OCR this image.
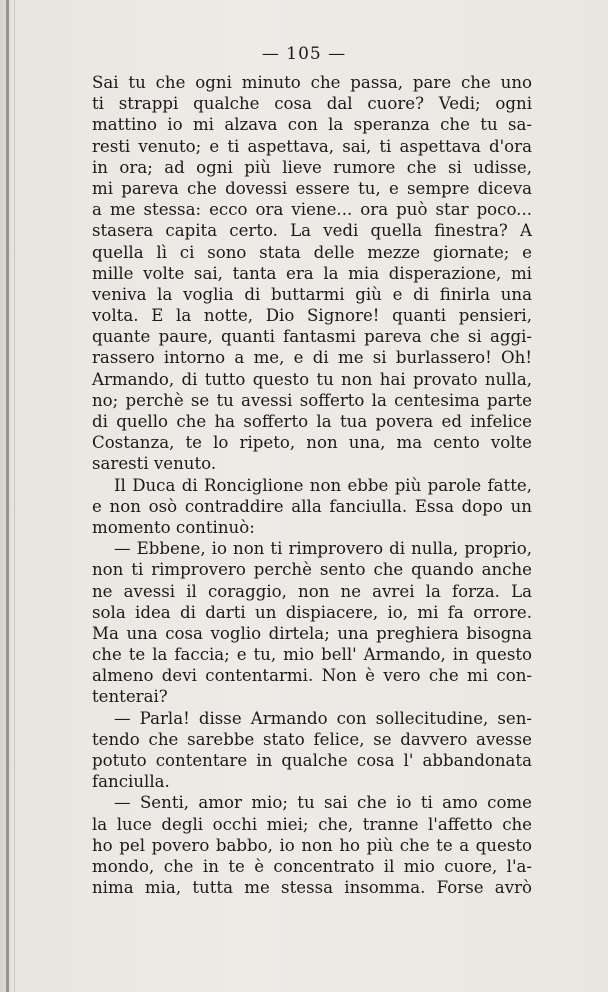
— 105 —
Sai tu che ogni minuto che passa, pare che uno
ti strappi qualche cosa dal cuore? Vedi; ogni
mattino io mi alzava con la speranza che tu sa-
resti venuto; e ti aspettava, sai, ti aspettava d'ora
in ora; ad ogni più lieve rumore che si udisse,
mi pareva che dovessi essere tu, e sempre diceva
a me stessa: ecco ora viene... ora può star poco...
stasera capita certo. La vedi quella finestra? A
quella lì ci sono stata delle mezze giornate; e
mille volte sai, tanta era la mia disperazione, mi
veniva la voglia di buttarmi giù e di finirla una
volta. E la notte, Dio Signore! quanti pensieri,
quante paure, quanti fantasmi pareva che si aggi-
rassero intorno a me, e di me si burlassero! Oh!
Armando, di tutto questo tu non hai provato nulla,
no; perchè se tu avessi sofferto la centesima parte
di quello che ha sofferto la tua povera ed infelice
Costanza, te lo ripeto, non una, ma cento volte
saresti venuto.
Il Duca di Ronciglione non ebbe più parole fatte,
e non osò contraddire alla fanciulla. Essa dopo un
momento continuò:
— Ebbene, io non ti rimprovero di nulla, proprio,
non ti rimprovero perchè sento che quando anche
ne avessi il coraggio, non ne avrei la forza. La
sola idea di darti un dispiacere, io, mi fa orrore.
Ma una cosa voglio dirtela; una preghiera bisogna
che te la faccia; e tu, mio bell' Armando, in questo
almeno devi contentarmi. Non è vero che mi con-
tenterai?
— Parla! disse Armando con sollecitudine, sen-
tendo che sarebbe stato felice, se davvero avesse
potuto contentare in qualche cosa l' abbandonata
fanciulla.
— Senti, amor mio; tu sai che io ti amo come
la luce degli occhi miei; che, tranne l'affetto che
ho pel povero babbo, io non ho più che te a questo
mondo, che in te è concentrato il mio cuore, l'a-
nima mia, tutta me stessa insomma. Forse avrò
